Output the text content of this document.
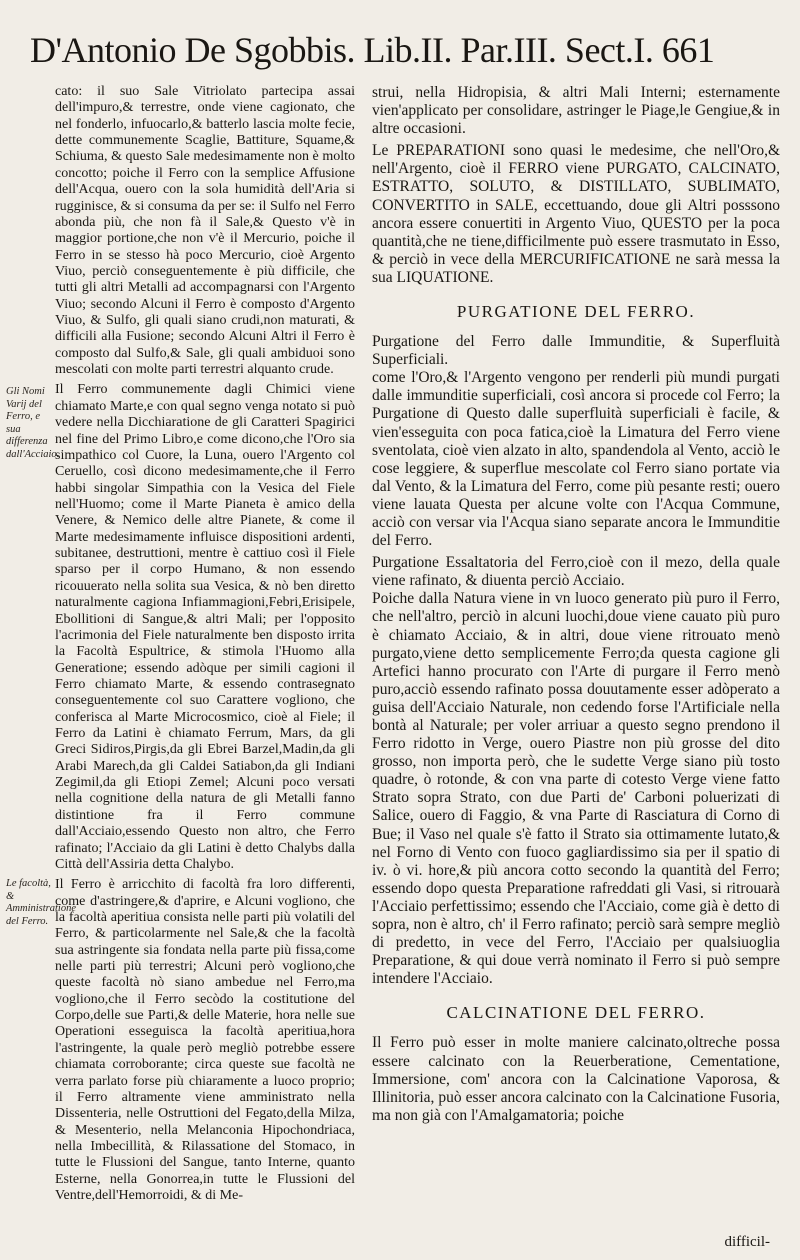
D'Antonio De Sgobbis. Lib.II. Par.III. Sect.I. 661
Gli Nomi Varij del Ferro, e sua differenza dall'Acciaio.
Le facoltà, & Amministratione del Ferro.

cato: il suo Sale Vitriolato partecipa assai dell'impuro,& terrestre, onde viene cagionato, che nel fonderlo, infuocarlo,& batterlo lascia molte fecie, dette communemente Scaglie, Battiture, Squame,& Schiuma, & questo Sale medesimamente non è molto concotto; poiche il Ferro con la semplice Affusione dell'Acqua, ouero con la sola humidità dell'Aria si rugginisce, & si consuma da per se: il Sulfo nel Ferro abonda più, che non fà il Sale,& Questo v'è in maggior portione,che non v'è il Mercurio, poiche il Ferro in se stesso hà poco Mercurio, cioè Argento Viuo, perciò conseguentemente è più difficile, che tutti gli altri Metalli ad accompagnarsi con l'Argento Viuo; secondo Alcuni il Ferro è composto d'Argento Viuo, & Sulfo, gli quali siano crudi,non maturati, & difficili alla Fusione; secondo Alcuni Altri il Ferro è composto dal Sulfo,& Sale, gli quali ambiduoi sono mescolati con molte parti terrestri alquanto crude.

Il Ferro communemente dagli Chimici viene chiamato Marte,e con qual segno venga notato si può vedere nella Dicchiaratione de gli Caratteri Spagirici nel fine del Primo Libro,e come dicono,che l'Oro sia simpathico col Cuore, la Luna, ouero l'Argento col Ceruello, così dicono medesimamente,che il Ferro habbi singolar Simpathia con la Vesica del Fiele nell'Huomo; come il Marte Pianeta è amico della Venere, & Nemico delle altre Pianete, & come il Marte medesimamente influisce dispositioni ardenti, subitanee, destruttioni, mentre è cattiuo così il Fiele sparso per il corpo Humano, & non essendo ricouuerato nella solita sua Vesica, & nò ben diretto naturalmente cagiona Infiammagioni,Febri,Erisipele, Ebollitioni di Sangue,& altri Mali; per l'opposito l'acrimonia del Fiele naturalmente ben disposto irrita la Facoltà Espultrice, & stimola l'Huomo alla Generatione; essendo adòque per simili cagioni il Ferro chiamato Marte, & essendo contrasegnato conseguentemente col suo Carattere vogliono, che conferisca al Marte Microcosmico, cioè al Fiele; il Ferro da Latini è chiamato Ferrum, Mars, da gli Greci Sidiros,Pirgis,da gli Ebrei Barzel,Madin,da gli Arabi Marech,da gli Caldei Satiabon,da gli Indiani Zegimil,da gli Etiopi Zemel; Alcuni poco versati nella cognitione della natura de gli Metalli fanno distintione fra il Ferro commune dall'Acciaio,essendo Questo non altro, che Ferro rafinato; l'Acciaio da gli Latini è detto Chalybs dalla Città dell'Assiria detta Chalybo.

Il Ferro è arricchito di facoltà fra loro differenti, come d'astringere,& d'aprire, e Alcuni vogliono, che la facoltà aperitiua consista nelle parti più volatili del Ferro, & particolarmente nel Sale,& che la facoltà sua astringente sia fondata nella parte più fissa,come nelle parti più terrestri; Alcuni però vogliono,che queste facoltà nò siano ambedue nel Ferro,ma vogliono,che il Ferro secòdo la costitutione del Corpo,delle sue Parti,& delle Materie, hora nelle sue Operationi esseguisca la facoltà aperitiua,hora l'astringente, la quale però megliò potrebbe essere chiamata corroborante; circa queste sue facoltà ne verra parlato forse più chiaramente a luoco proprio; il Ferro altramente viene amministrato nella Dissenteria, nelle Ostruttioni del Fegato,della Milza, & Mesenterio, nella Melanconia Hipochondriaca, nella Imbecillità, & Rilassatione del Stomaco, in tutte le Flussioni del Sangue, tanto Interne, quanto Esterne, nella Gonorrea,in tutte le Flussioni del Ventre,dell'Hemorroidi, & di Me-

strui, nella Hidropisia, & altri Mali Interni; esternamente vien'applicato per consolidare, astringer le Piage,le Gengiue,& in altre occasioni.

Le PREPARATIONI sono quasi le medesime, che nell'Oro,& nell'Argento, cioè il FERRO viene PURGATO, CALCINATO, ESTRATTO, SOLUTO, & DISTILLATO, SUBLIMATO, CONVERTITO in SALE, eccettuando, doue gli Altri posssono ancora essere conuertiti in Argento Viuo, QUESTO per la poca quantità,che ne tiene,difficilmente può essere trasmutato in Esso, & perciò in vece della MERCURIFICATIONE ne sarà messa la sua LIQUATIONE.

PURGATIONE DEL FERRO.

Purgatione del Ferro dalle Immunditie, & Superfluità Superficiali.

come l'Oro,& l'Argento vengono per renderli più mundi purgati dalle immunditie superficiali, così ancora si procede col Ferro; la Purgatione di Questo dalle superfluità superficiali è facile, & vien'esseguita con poca fatica,cioè la Limatura del Ferro viene sventolata, cioè vien alzato in alto, spandendola al Vento, acciò le cose leggiere, & superflue mescolate col Ferro siano portate via dal Vento, & la Limatura del Ferro, come più pesante resti; ouero viene lauata Questa per alcune volte con l'Acqua Commune, acciò con versar via l'Acqua siano separate ancora le Immunditie del Ferro.

Purgatione Essaltatoria del Ferro,cioè con il mezo, della quale viene rafinato, & diuenta perciò Acciaio.

Poiche dalla Natura viene in vn luoco generato più puro il Ferro, che nell'altro, perciò in alcuni luochi,doue viene cauato più puro è chiamato Acciaio, & in altri, doue viene ritrouato menò purgato,viene detto semplicemente Ferro;da questa cagione gli Artefici hanno procurato con l'Arte di purgare il Ferro menò puro,acciò essendo rafinato possa douutamente esser adòperato a guisa dell'Acciaio Naturale, non cedendo forse l'Artificiale nella bontà al Naturale; per voler arriuar a questo segno prendono il Ferro ridotto in Verge, ouero Piastre non più grosse del dito grosso, non importa però, che le sudette Verge siano più tosto quadre, ò rotonde, & con vna parte di cotesto Verge viene fatto Strato sopra Strato, con due Parti de' Carboni poluerizati di Salice, ouero di Faggio, & vna Parte di Rasciatura di Corno di Bue; il Vaso nel quale s'è fatto il Strato sia ottimamente lutato,& nel Forno di Vento con fuoco gagliardissimo sia per il spatio di iv. ò vi. hore,& più ancora cotto secondo la quantità del Ferro; essendo dopo questa Preparatione rafreddati gli Vasi, si ritrouarà l'Acciaio perfettissimo; essendo che l'Acciaio, come già è detto di sopra, non è altro, ch' il Ferro rafinato; perciò sarà sempre megliò di predetto, in vece del Ferro, l'Acciaio per qualsiuoglia Preparatione, & qui doue verrà nominato il Ferro si può sempre intendere l'Acciaio.

CALCINATIONE DEL FERRO.

Il Ferro può esser in molte maniere calcinato,oltreche possa essere calcinato con la Reuerberatione, Cementatione, Immersione, com' ancora con la Calcinatione Vaporosa, & Illinitoria, può esser ancora calcinato con la Calcinatione Fusoria, ma non già con l'Amalgamatoria; poiche

difficil-
